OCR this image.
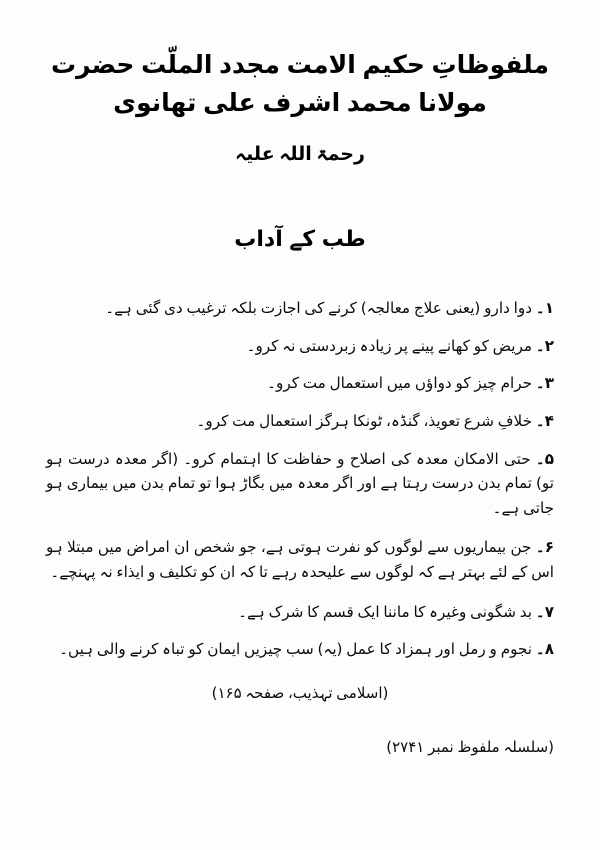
ملفوظاتِ حکیم الامت مجدد الملّت حضرت مولانا محمد اشرف علی تھانوی
رحمۃ اللہ علیہ
طب کے آداب
۱۔ دوا دارو (یعنی علاج معالجہ) کرنے کی اجازت بلکہ ترغیب دی گئی ہے۔
۲۔ مریض کو کھانے پینے پر زیادہ زبردستی نہ کرو۔
۳۔ حرام چیز کو دواؤں میں استعمال مت کرو۔
۴۔ خلافِ شرع تعویذ، گنڈہ، ٹونکا ہرگز استعمال مت کرو۔
۵۔ حتی الامکان معدہ کی اصلاح و حفاظت کا اہتمام کرو۔ (اگر معدہ درست ہو تو) تمام بدن درست رہتا ہے اور اگر معدہ میں بگاڑ ہوا تو تمام بدن میں بیماری ہو جاتی ہے۔
۶۔ جن بیماریوں سے لوگوں کو نفرت ہوتی ہے، جو شخص ان امراض میں مبتلا ہو اس کے لئے بہتر ہے کہ لوگوں سے علیحدہ رہے تا کہ ان کو تکلیف و ایذاء نہ پہنچے۔
۷۔ بد شگونی وغیرہ کا ماننا ایک قسم کا شرک ہے۔
۸۔ نجوم و رمل اور ہمزاد کا عمل (یہ) سب چیزیں ایمان کو تباہ کرنے والی ہیں۔
(اسلامی تہذیب، صفحہ ۱۶۵)
(سلسلہ ملفوظ نمبر ۲۷۴۱)
